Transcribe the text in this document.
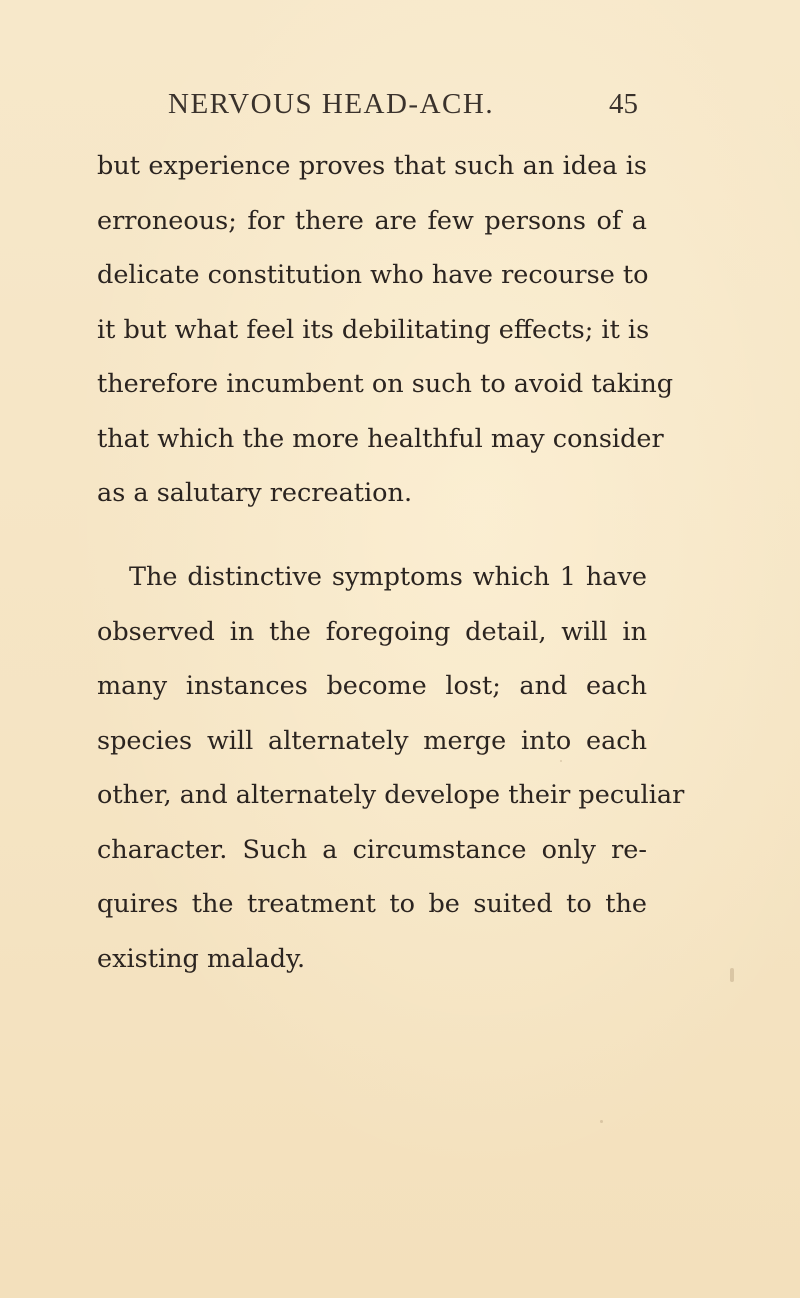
NERVOUS HEAD-ACH.	45
but experience proves that such an idea is
erroneous; for there are few persons of a
delicate constitution who have recourse to
it but what feel its debilitating effects; it is
therefore incumbent on such to avoid taking
that which the more healthful may consider
as a salutary recreation.
The distinctive symptoms which 1 have
observed in the foregoing detail, will in
many instances become lost; and each
species will alternately merge into each
other, and alternately develope their peculiar
character. Such a circumstance only re-
quires the treatment to be suited to the
existing malady.
